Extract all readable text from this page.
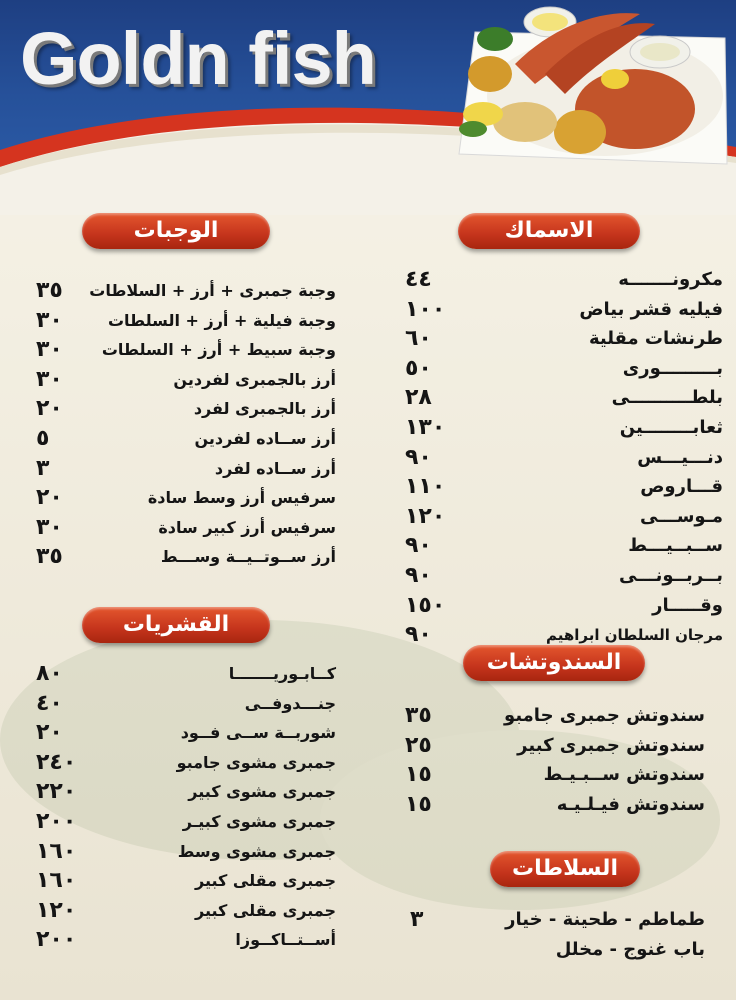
Goldn fish
الاسماك
مكرونـــــــه
٤٤
فيليه قشر بياض
١٠٠
طرنشات مقلية
٦٠
بـــــــــورى
٥٠
بلطــــــــــى
٢٨
ثعابــــــــين
١٣٠
دنـــيـــس
٩٠
قـــاروص
١١٠
مـوســـى
١٢٠
ســبــيـــط
٩٠
بــربــونـــى
٩٠
وقـــــار
١٥٠
مرجان السلطان ابراهيم
٩٠
السندوتشات
سندوتش جمبرى جامبو
٣٥
سندوتش جمبرى كبير
٢٥
سندوتش ســبـيـط
١٥
سندوتش فيـلـيـه
١٥
السلاطات
طماطم - طحينة - خيار
٣
باب غنوج - مخلل
الوجبات
وجبة جمبرى + أرز + السلاطات
٣٥
وجبة فيلية + أرز + السلطات
٣٠
وجبة سبيط + أرز + السلطات
٣٠
أرز بالجمبرى لفردين
٣٠
أرز بالجمبرى لفرد
٢٠
أرز ســاده لفردين
٥
أرز ســاده لفرد
٣
سرفيس أرز وسط سادة
٢٠
سرفيس أرز كبير سادة
٣٠
أرز ســوتــيــة وســـط
٣٥
القشريات
كــابـوريـــــــا
٨٠
جنـــدوفــى
٤٠
شوربــة ســى فــود
٢٠
جمبرى مشوى جامبو
٢٤٠
جمبرى مشوى كبير
٢٢٠
جمبرى مشوى كبيـر
٢٠٠
جمبرى مشوى وسط
١٦٠
جمبرى مقلى كبير
١٦٠
جمبرى مقلى كبير
١٢٠
أســتــاكــوزا
٢٠٠
